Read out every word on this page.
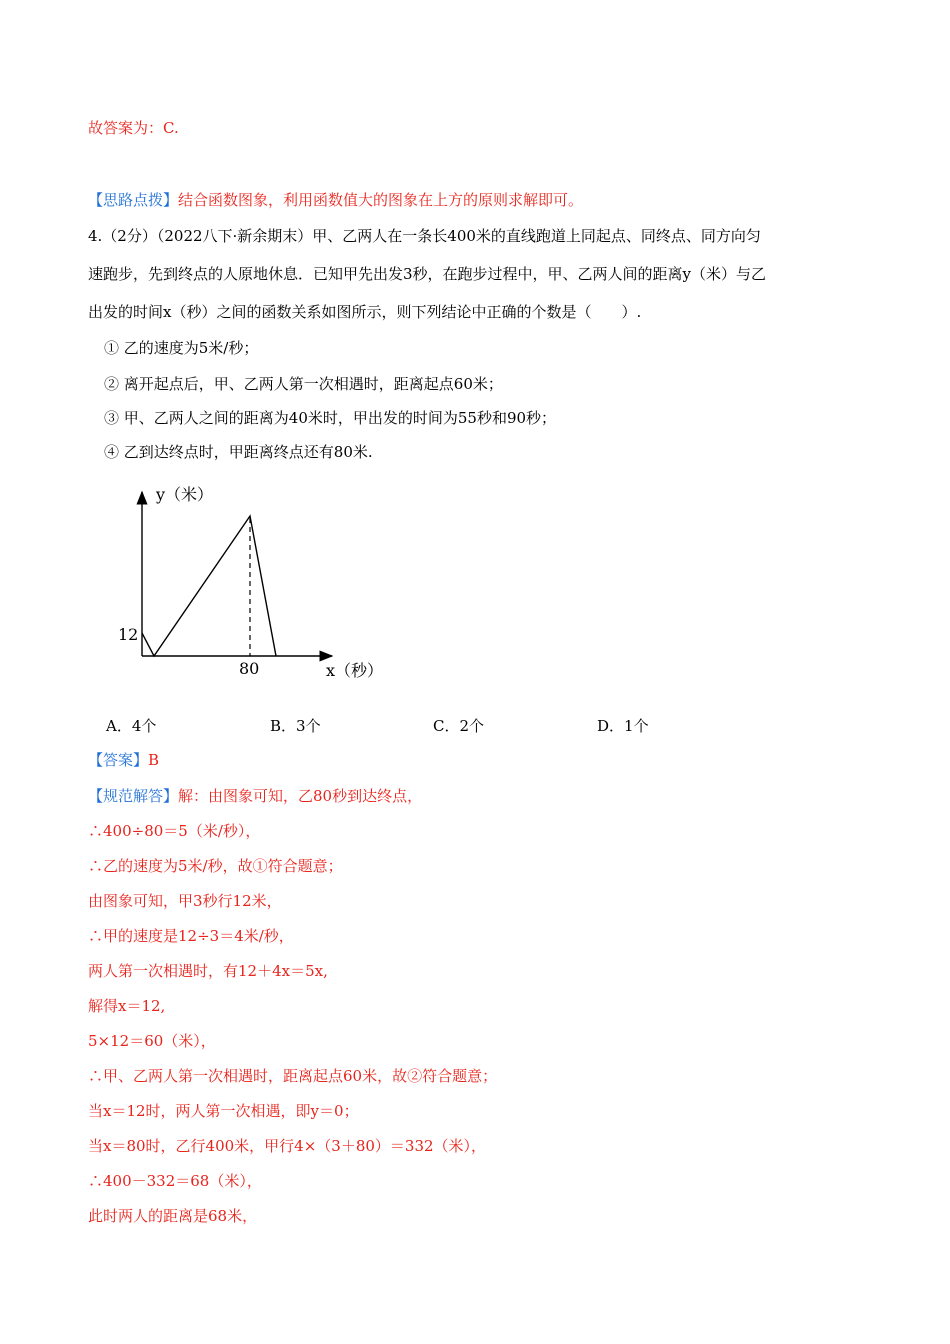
故答案为：C.
【思路点拨】结合函数图象，利用函数值大的图象在上方的原则求解即可。
4.（2分）（2022八下·新余期末）甲、乙两人在一条长400米的直线跑道上同起点、同终点、同方向匀
速跑步，先到终点的人原地休息．已知甲先出发3秒，在跑步过程中，甲、乙两人间的距离y（米）与乙
出发的时间x（秒）之间的函数关系如图所示，则下列结论中正确的个数是（　　）.
① 乙的速度为5米/秒；
② 离开起点后，甲、乙两人第一次相遇时，距离起点60米；
③ 甲、乙两人之间的距离为40米时，甲出发的时间为55秒和90秒；
④ 乙到达终点时，甲距离终点还有80米.
y（米）
12
80	x（秒）
A．4个	B．3个	C．2个	D．1个
【答案】B
【规范解答】解：由图象可知，乙80秒到达终点，
∴400÷80＝5（米/秒），
∴乙的速度为5米/秒，故①符合题意；
由图象可知，甲3秒行12米，
∴甲的速度是12÷3＝4米/秒，
两人第一次相遇时，有12＋4x＝5x,
解得x＝12,
5×12＝60（米），
∴甲、乙两人第一次相遇时，距离起点60米，故②符合题意；
当x＝12时，两人第一次相遇，即y＝0；
当x＝80时，乙行400米，甲行4×（3＋80）＝332（米），
∴400－332＝68（米），
此时两人的距离是68米，
